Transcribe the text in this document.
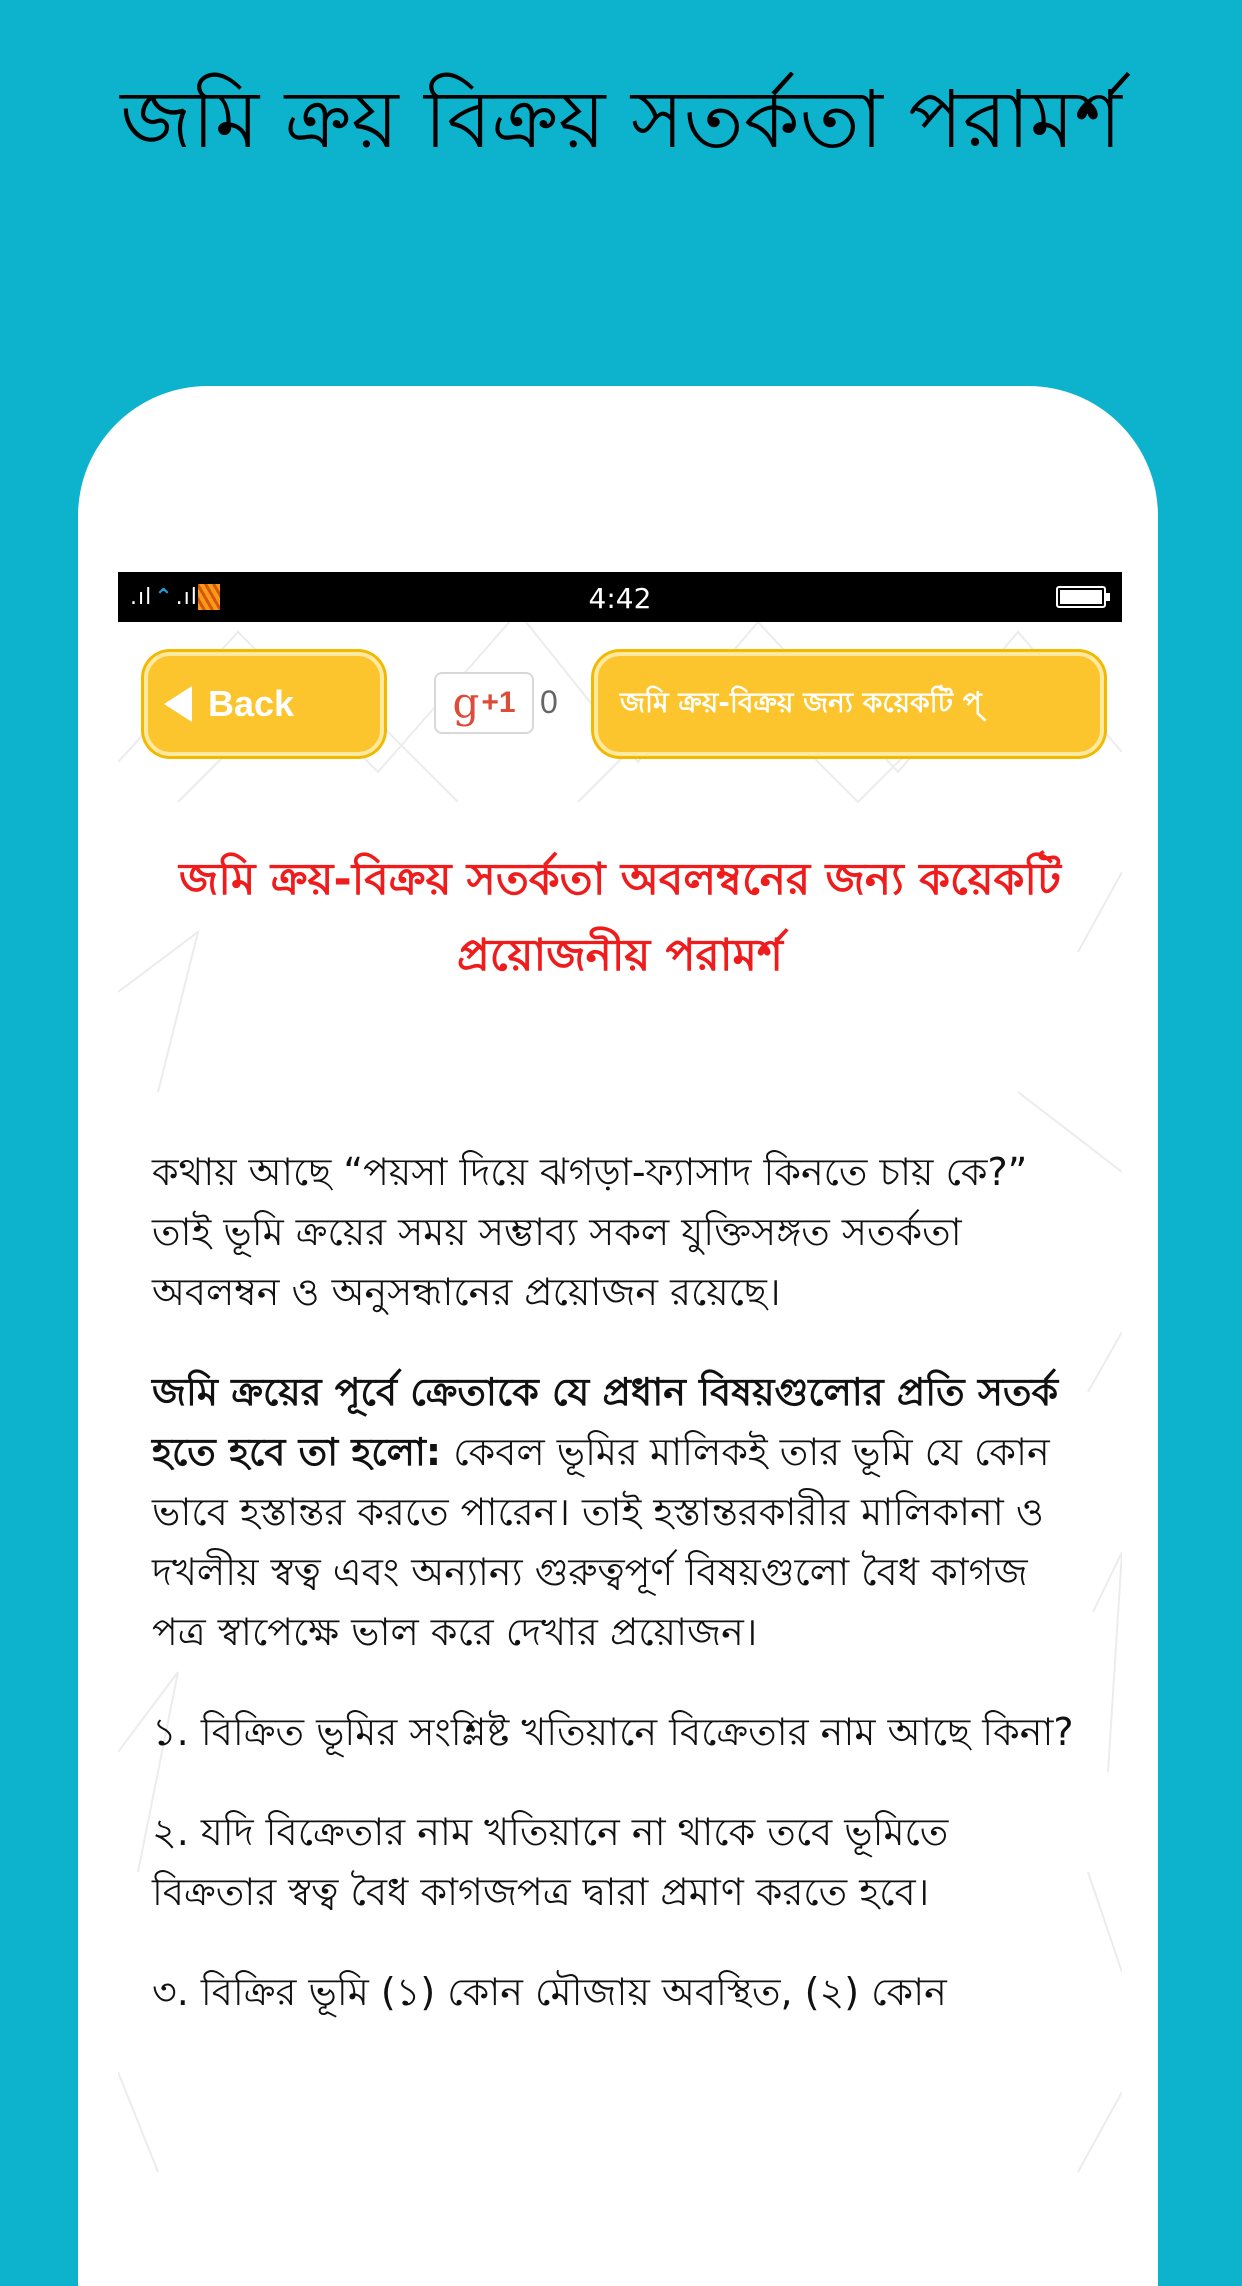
জমি ক্রয় বিক্রয় সতর্কতা পরামর্শ
.ıl⌃.ıl	4:42
Back	g +1 0 জমি ক্রয়-বিক্রয় জন্য কয়েকটি প্
জমি ক্রয়-বিক্রয় সতর্কতা অবলম্বনের জন্য কয়েকটি প্রয়োজনীয় পরামর্শ

কথায় আছে “পয়সা দিয়ে ঝগড়া-ফ্যাসাদ কিনতে চায় কে?” তাই ভূমি ক্রয়ের সময় সম্ভাব্য সকল যুক্তিসঙ্গত সতর্কতা অবলম্বন ও অনুসন্ধানের প্রয়োজন রয়েছে।

জমি ক্রয়ের পূর্বে ক্রেতাকে যে প্রধান বিষয়গুলোর প্রতি সতর্ক হতে হবে তা হলো: কেবল ভূমির মালিকই তার ভূমি যে কোন ভাবে হস্তান্তর করতে পারেন। তাই হস্তান্তরকারীর মালিকানা ও দখলীয় স্বত্ব এবং অন্যান্য গুরুত্বপূর্ণ বিষয়গুলো বৈধ কাগজ পত্র স্বাপেক্ষে ভাল করে দেখার প্রয়োজন।

১. বিক্রিত ভূমির সংশ্লিষ্ট খতিয়ানে বিক্রেতার নাম আছে কিনা?

২. যদি বিক্রেতার নাম খতিয়ানে না থাকে তবে ভূমিতে বিক্রতার স্বত্ব বৈধ কাগজপত্র দ্বারা প্রমাণ করতে হবে।

৩. বিক্রির ভূমি (১) কোন মৌজায় অবস্থিত, (২) কোন
